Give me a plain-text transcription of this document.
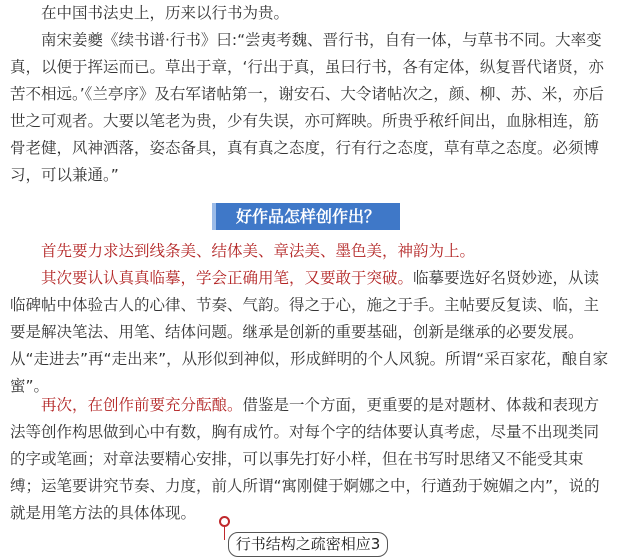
在中国书法史上，历来以行书为贵。

南宋姜夔《续书谱·行书》曰:“尝夷考魏、晋行书，自有一体，与草书不同。大率变真，以便于挥运而已。草出于章，‘行出于真，虽曰行书，各有定体，纵复晋代诸贤，亦苦不相远。’《兰亭序》及右军诸帖第一，谢安石、大令诸帖次之，颜、柳、苏、米，亦后世之可观者。大要以笔老为贵，少有失误，亦可辉映。所贵乎秾纤间出，血脉相连，筋骨老健，风神洒落，姿态备具，真有真之态度，行有行之态度，草有草之态度。必须博习，可以兼通。”

好作品怎样创作出？

首先要力求达到线条美、结体美、章法美、墨色美，神韵为上。

其次要认认真真临摹，学会正确用笔，又要敢于突破。临摹要选好名贤妙迹，从读临碑帖中体验古人的心律、节奏、气韵。得之于心，施之于手。主帖要反复读、临，主要是解决笔法、用笔、结体问题。继承是创新的重要基础，创新是继承的必要发展。从“走进去”再“走出来”，从形似到神似，形成鲜明的个人风貌。所谓“采百家花，酿自家蜜”。

再次，在创作前要充分酝酿。借鉴是一个方面，更重要的是对题材、体裁和表现方法等创作构思做到心中有数，胸有成竹。对每个字的结体要认真考虑，尽量不出现类同的字或笔画；对章法要精心安排，可以事先打好小样，但在书写时思绪又不能受其束缚；运笔要讲究节奏、力度，前人所谓“寓刚健于婀娜之中，行遒劲于婉媚之内”，说的就是用笔方法的具体体现。

行书结构之疏密相应3
